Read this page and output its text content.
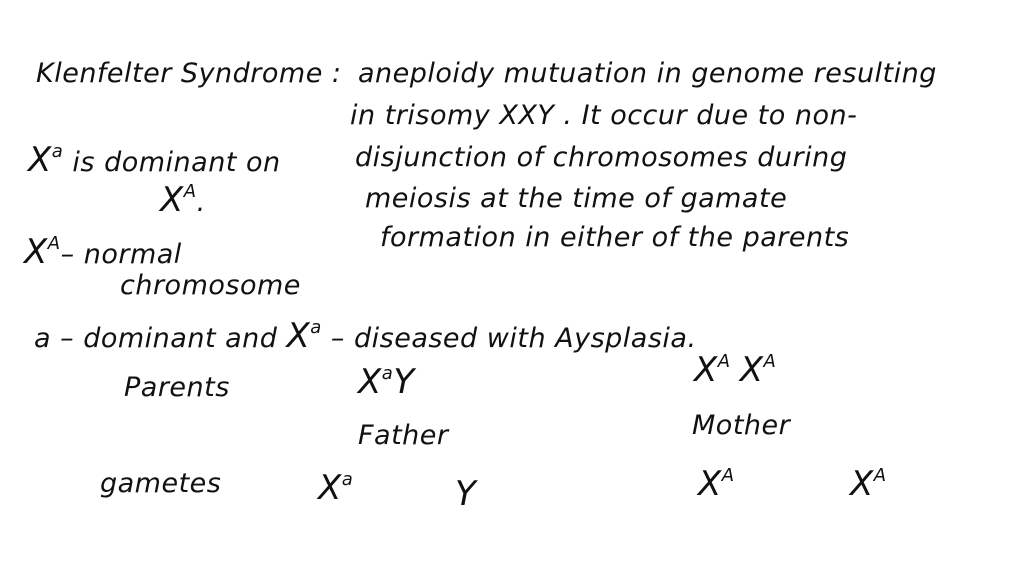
Klenfelter Syndrome : aneploidy mutuation in genome resulting
in trisomy XXY . It occur due to non-
disjunction of chromosomes during
meiosis at the time of gamate
formation in either of the parents
$X^a$ is dominant on
$X^A$.
$X^A-$ normal
chromosome
a – dominant and $X^a$ – diseased with Aysplasia.
Parents	$X^aY$	$X^A$ $X^A$
Father	Mother
gametes	$X^a$	Y	$X^A$	$X^A$
